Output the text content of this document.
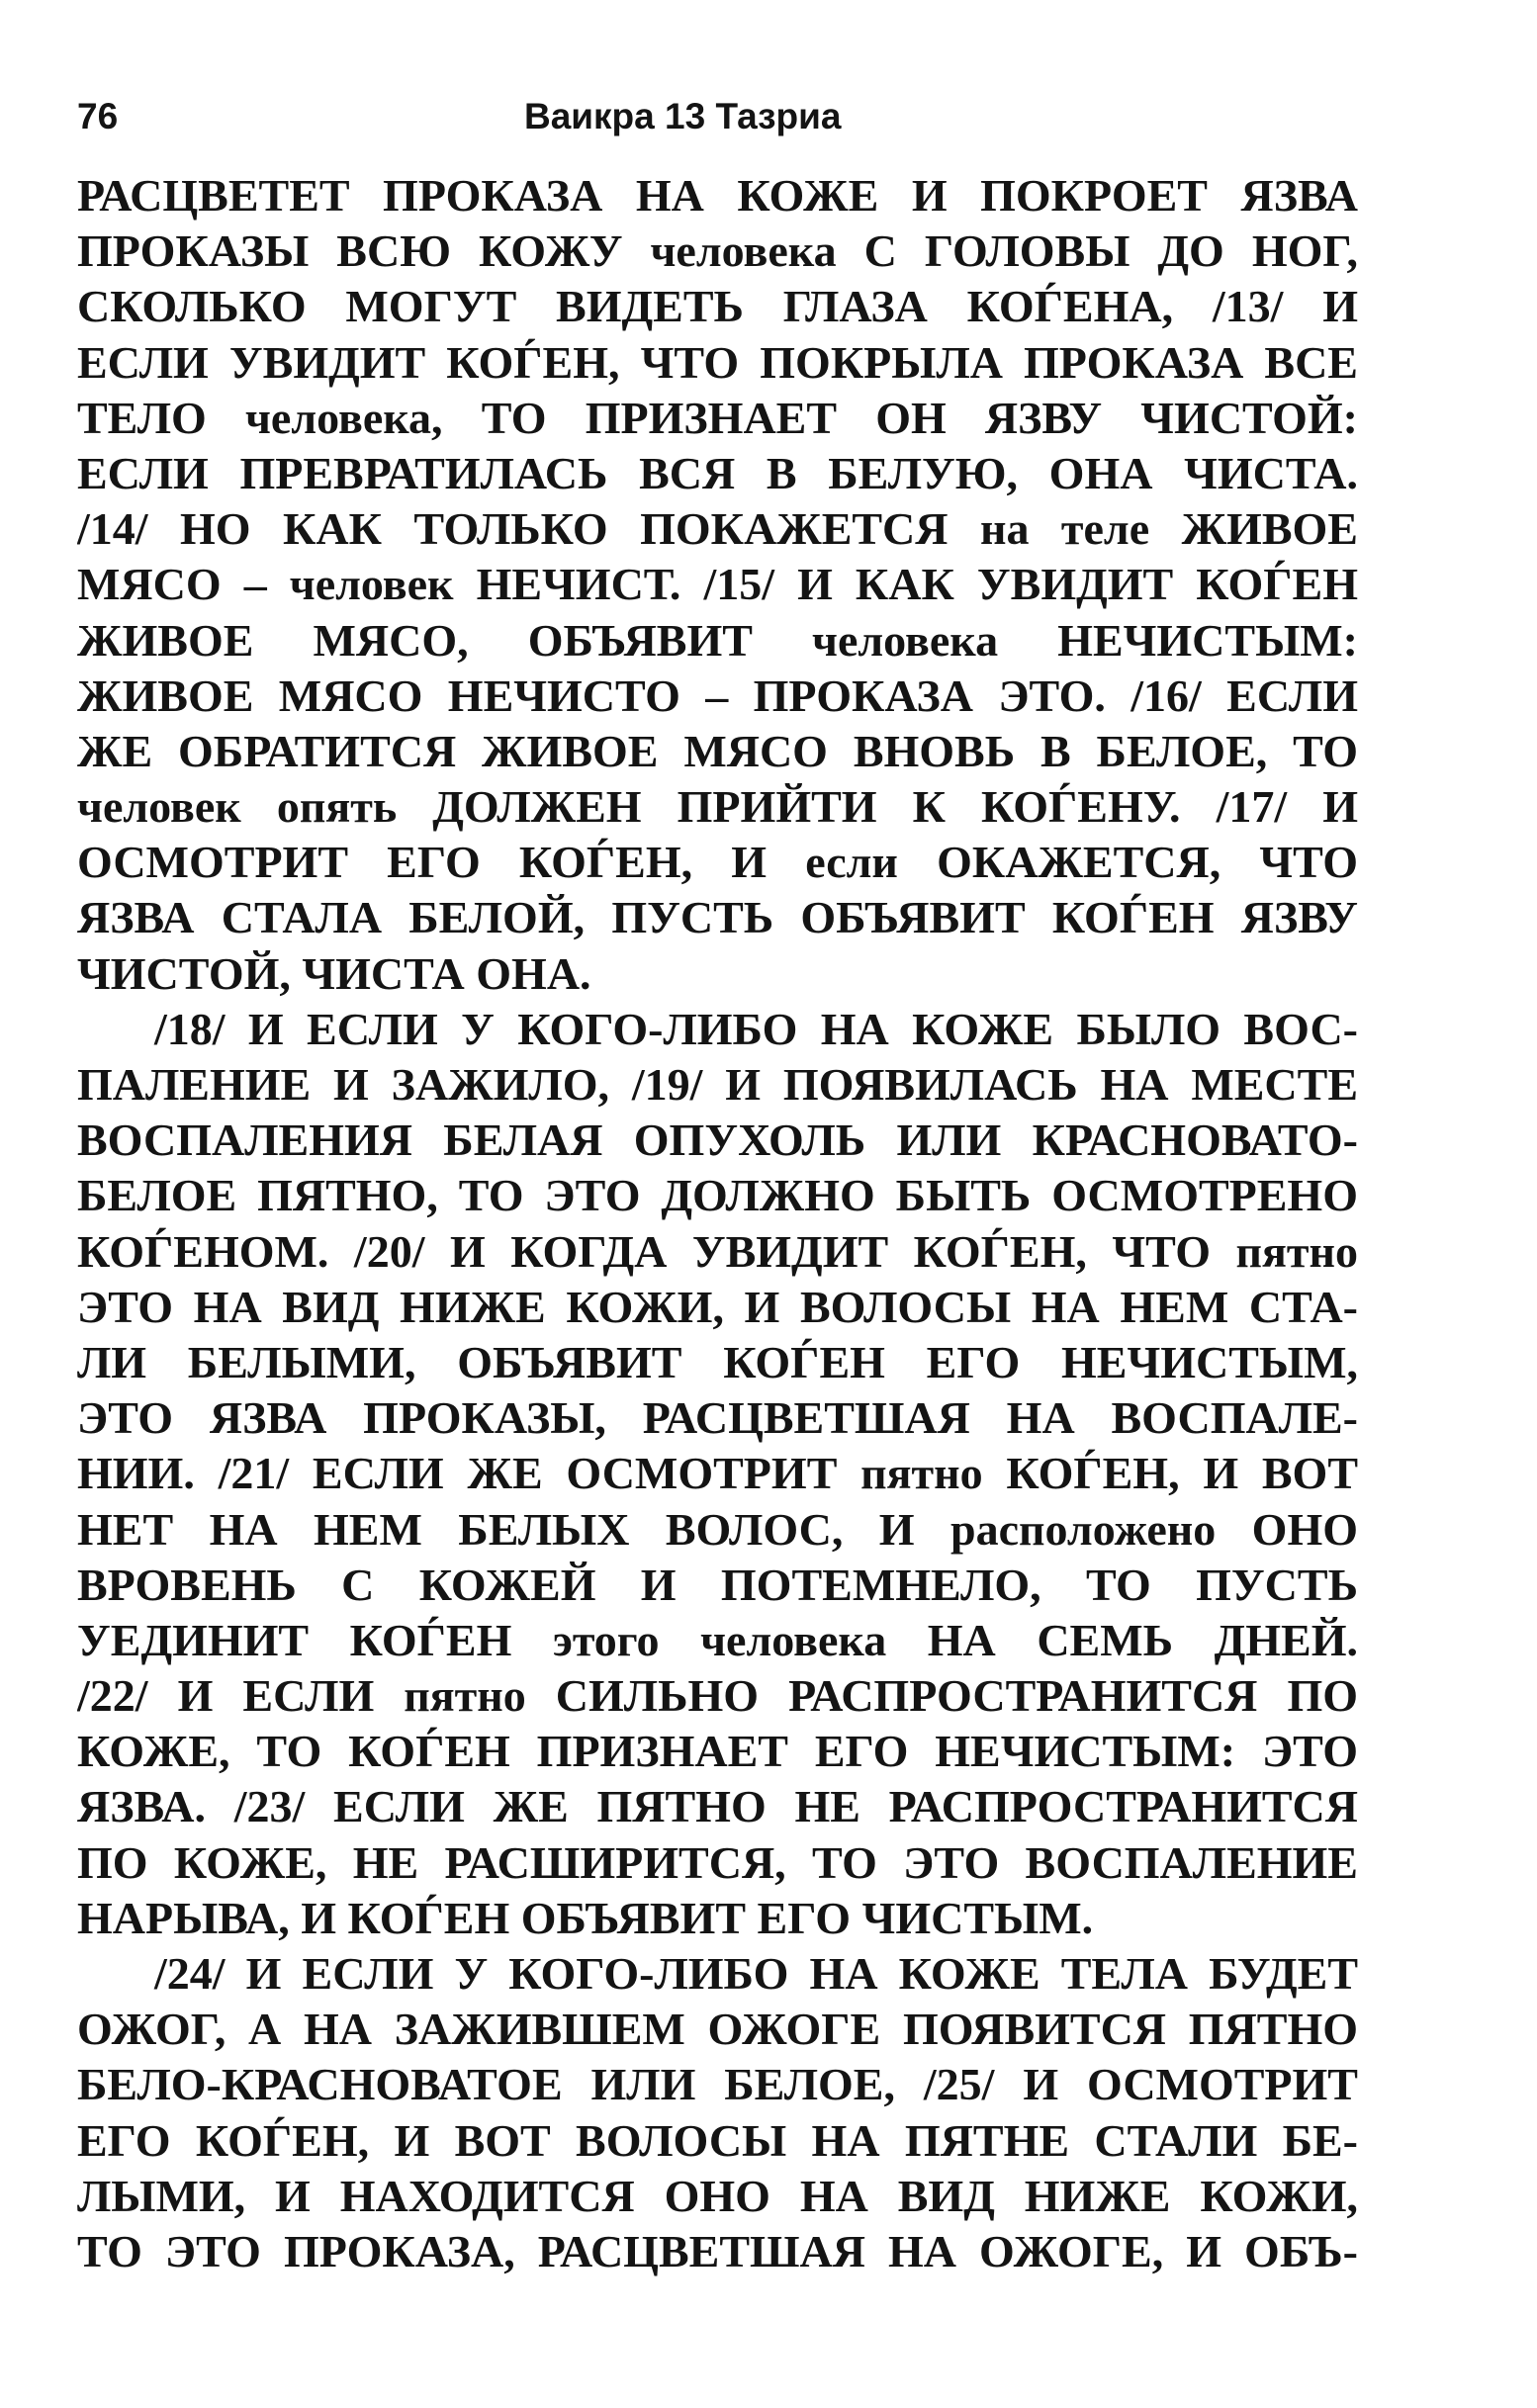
76	Ваикра 13 Тазриа
РАСЦВЕТЕТ ПРОКАЗА НА КОЖЕ И ПОКРОЕТ ЯЗВА
ПРОКАЗЫ ВСЮ КОЖУ человека С ГОЛОВЫ ДО НОГ,
СКОЛЬКО МОГУТ ВИДЕТЬ ГЛАЗА КОЃЕНА, /13/ И
ЕСЛИ УВИДИТ КОЃЕН, ЧТО ПОКРЫЛА ПРОКАЗА ВСЕ
ТЕЛО человека, ТО ПРИЗНАЕТ ОН ЯЗВУ ЧИСТОЙ:
ЕСЛИ ПРЕВРАТИЛАСЬ ВСЯ В БЕЛУЮ, ОНА ЧИСТА.
/14/ НО КАК ТОЛЬКО ПОКАЖЕТСЯ на теле ЖИВОЕ
МЯСО – человек НЕЧИСТ. /15/ И КАК УВИДИТ КОЃЕН
ЖИВОЕ МЯСО, ОБЪЯВИТ человека НЕЧИСТЫМ:
ЖИВОЕ МЯСО НЕЧИСТО – ПРОКАЗА ЭТО. /16/ ЕСЛИ
ЖЕ ОБРАТИТСЯ ЖИВОЕ МЯСО ВНОВЬ В БЕЛОЕ, ТО
человек опять ДОЛЖЕН ПРИЙТИ К КОЃЕНУ. /17/ И
ОСМОТРИТ ЕГО КОЃЕН, И если ОКАЖЕТСЯ, ЧТО
ЯЗВА СТАЛА БЕЛОЙ, ПУСТЬ ОБЪЯВИТ КОЃЕН ЯЗВУ
ЧИСТОЙ, ЧИСТА ОНА.
/18/ И ЕСЛИ У КОГО-ЛИБО НА КОЖЕ БЫЛО ВОС-
ПАЛЕНИЕ И ЗАЖИЛО, /19/ И ПОЯВИЛАСЬ НА МЕСТЕ
ВОСПАЛЕНИЯ БЕЛАЯ ОПУХОЛЬ ИЛИ КРАСНОВАТО-
БЕЛОЕ ПЯТНО, ТО ЭТО ДОЛЖНО БЫТЬ ОСМОТРЕНО
КОЃЕНОМ. /20/ И КОГДА УВИДИТ КОЃЕН, ЧТО пятно
ЭТО НА ВИД НИЖЕ КОЖИ, И ВОЛОСЫ НА НЕМ СТА-
ЛИ БЕЛЫМИ, ОБЪЯВИТ КОЃЕН ЕГО НЕЧИСТЫМ,
ЭТО ЯЗВА ПРОКАЗЫ, РАСЦВЕТШАЯ НА ВОСПАЛЕ-
НИИ. /21/ ЕСЛИ ЖЕ ОСМОТРИТ пятно КОЃЕН, И ВОТ
НЕТ НА НЕМ БЕЛЫХ ВОЛОС, И расположено ОНО
ВРОВЕНЬ С КОЖЕЙ И ПОТЕМНЕЛО, ТО ПУСТЬ
УЕДИНИТ КОЃЕН этого человека НА СЕМЬ ДНЕЙ.
/22/ И ЕСЛИ пятно СИЛЬНО РАСПРОСТРАНИТСЯ ПО
КОЖЕ, ТО КОЃЕН ПРИЗНАЕТ ЕГО НЕЧИСТЫМ: ЭТО
ЯЗВА. /23/ ЕСЛИ ЖЕ ПЯТНО НЕ РАСПРОСТРАНИТСЯ
ПО КОЖЕ, НЕ РАСШИРИТСЯ, ТО ЭТО ВОСПАЛЕНИЕ
НАРЫВА, И КОЃЕН ОБЪЯВИТ ЕГО ЧИСТЫМ.
/24/ И ЕСЛИ У КОГО-ЛИБО НА КОЖЕ ТЕЛА БУДЕТ
ОЖОГ, А НА ЗАЖИВШЕМ ОЖОГЕ ПОЯВИТСЯ ПЯТНО
БЕЛО-КРАСНОВАТОЕ ИЛИ БЕЛОЕ, /25/ И ОСМОТРИТ
ЕГО КОЃЕН, И ВОТ ВОЛОСЫ НА ПЯТНЕ СТАЛИ БЕ-
ЛЫМИ, И НАХОДИТСЯ ОНО НА ВИД НИЖЕ КОЖИ,
ТО ЭТО ПРОКАЗА, РАСЦВЕТШАЯ НА ОЖОГЕ, И ОБЪ-
